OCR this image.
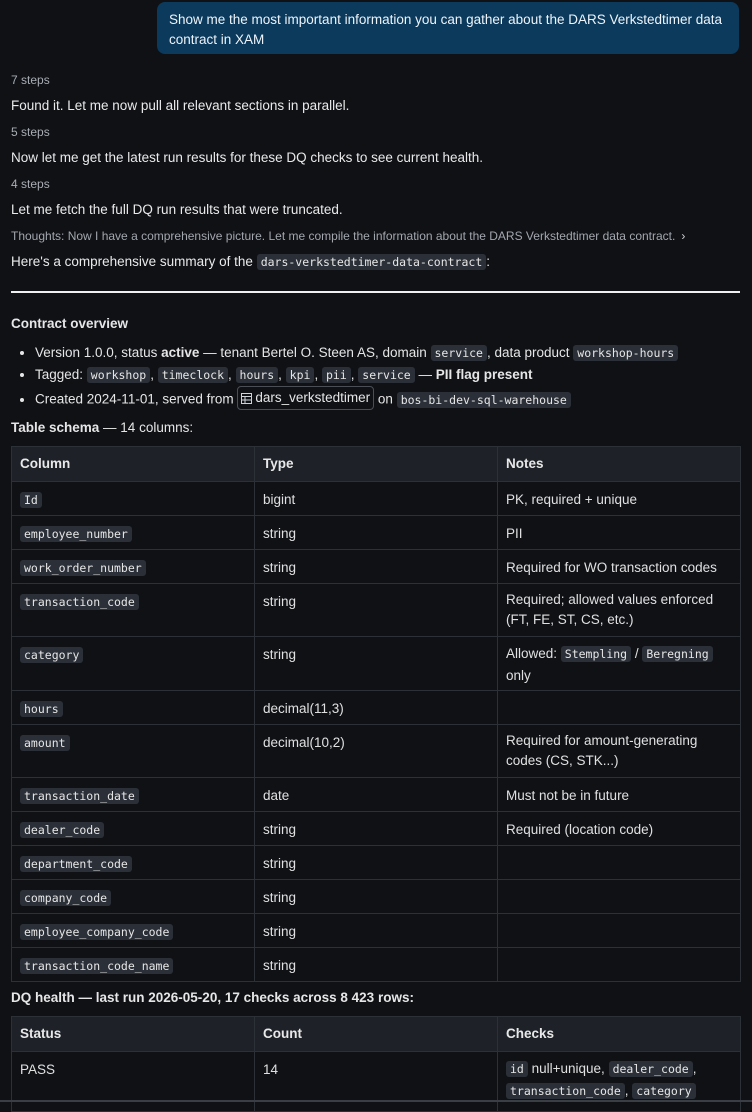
Show me the most important information you can gather about the DARS Verkstedtimer data contract in XAM
7 steps
Found it. Let me now pull all relevant sections in parallel.
5 steps
Now let me get the latest run results for these DQ checks to see current health.
4 steps
Let me fetch the full DQ run results that were truncated.
Thoughts: Now I have a comprehensive picture. Let me compile the information about the DARS Verkstedtimer data contract. ›
Here's a comprehensive summary of the dars-verkstedtimer-data-contract :
Contract overview
• Version 1.0.0, status active — tenant Bertel O. Steen AS, domain service , data product workshop-hours
• Tagged: workshop , timeclock , hours , kpi , pii , service — PII flag present
• Created 2024-11-01, served from dars_verkstedtimer on bos-bi-dev-sql-warehouse
Table schema — 14 columns:
Column	Type	Notes
Id	bigint	PK, required + unique
employee_number	string	PII
work_order_number	string	Required for WO transaction codes
transaction_code	string	Required; allowed values enforced (FT, FE, ST, CS, etc.)
category	string	Allowed: Stempling / Beregning
only
hours	decimal(11,3)	
amount	decimal(10,2)	Required for amount-generating codes (CS, STK...)
transaction_date	date	Must not be in future
dealer_code	string	Required (location code)
department_code	string	
company_code	string	
employee_company_code	string	
transaction_code_name	string	
DQ health — last run 2026-05-20, 17 checks across 8 423 rows:
Status	Count	Checks
PASS	14	id null+unique, dealer_code ,
transaction_code , category
